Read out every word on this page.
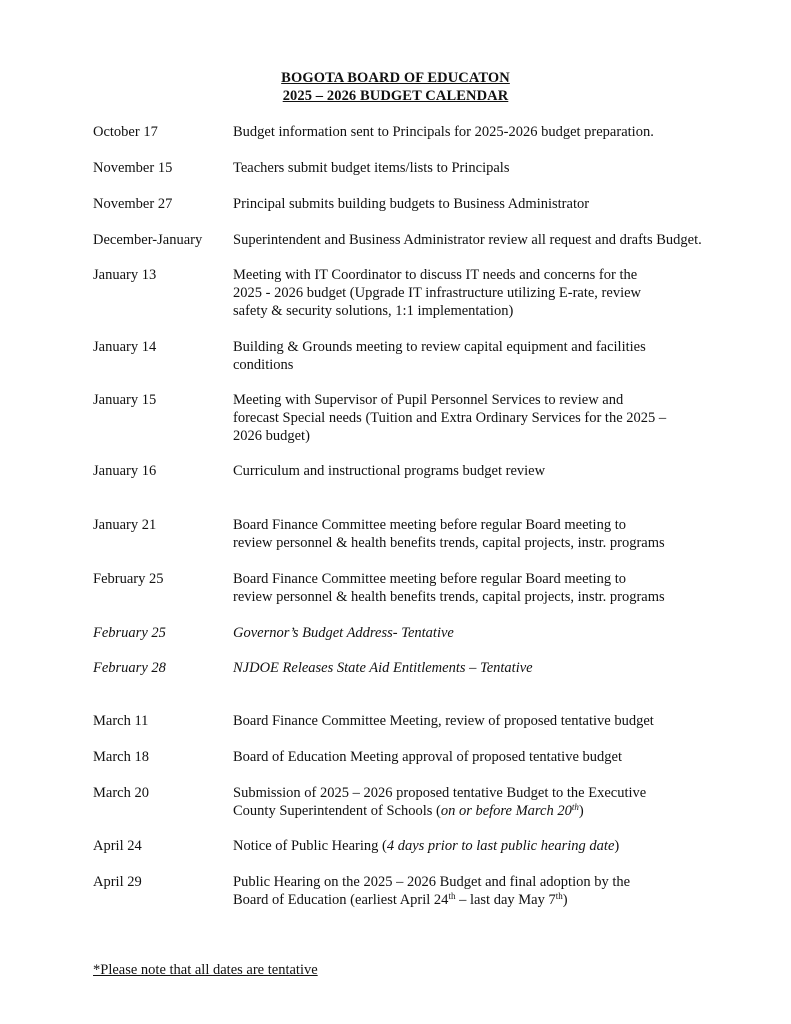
BOGOTA BOARD OF EDUCATON
2025 – 2026 BUDGET CALENDAR
October 17	Budget information sent to Principals for 2025-2026 budget preparation.
November 15	Teachers submit budget items/lists to Principals
November 27	Principal submits building budgets to Business Administrator
December-January Superintendent and Business Administrator review all request and drafts Budget.
January 13	Meeting with IT Coordinator to discuss IT needs and concerns for the
2025 - 2026 budget (Upgrade IT infrastructure utilizing E-rate, review
safety & security solutions, 1:1 implementation)
January 14	Building & Grounds meeting to review capital equipment and facilities
conditions
January 15	Meeting with Supervisor of Pupil Personnel Services to review and
forecast Special needs (Tuition and Extra Ordinary Services for the 2025 –
2026 budget)
January 16	Curriculum and instructional programs budget review
January 21	Board Finance Committee meeting before regular Board meeting to
review personnel & health benefits trends, capital projects, instr. programs
February 25	Board Finance Committee meeting before regular Board meeting to
review personnel & health benefits trends, capital projects, instr. programs
February 25	Governor’s Budget Address- Tentative
February 28	NJDOE Releases State Aid Entitlements – Tentative
March 11	Board Finance Committee Meeting, review of proposed tentative budget
March 18	Board of Education Meeting approval of proposed tentative budget
March 20	Submission of 2025 – 2026 proposed tentative Budget to the Executive
County Superintendent of Schools (on or before March 20th)
April 24	Notice of Public Hearing (4 days prior to last public hearing date)
April 29	Public Hearing on the 2025 – 2026 Budget and final adoption by the
Board of Education (earliest April 24th – last day May 7th)
*Please note that all dates are tentative
